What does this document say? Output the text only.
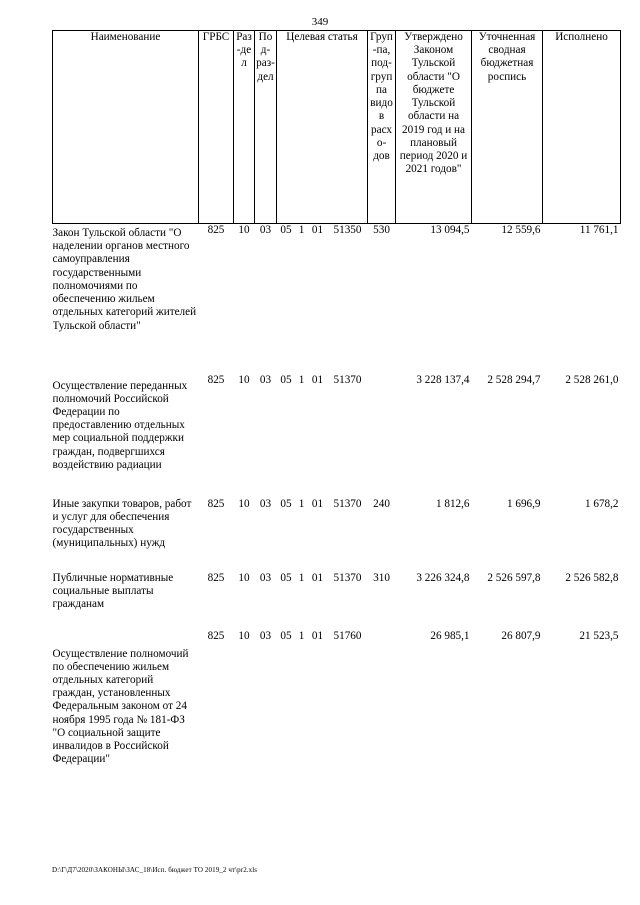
349
Наименование	ГРБС	Раз-дел	Под-раз-дел	Целевая статья				Груп-па, под-груп па видов расхо-дов	Утверждено Законом Тульской области "О бюджете Тульской области на 2019 год и на плановый период 2020 и 2021 годов"	Уточненная сводная бюджетная роспись	Исполнено
Закон Тульской области "О наделении органов местного самоуправления государственными полномочиями по обеспечению жильем отдельных категорий жителей Тульской области"	825	10	03	05	1	01	51350	530	13 094,5	12 559,6	11 761,1
Осуществление переданных полномочий Российской Федерации по предоставлению отдельных мер социальной поддержки граждан, подвергшихся воздействию радиации	825	10	03	05	1	01	51370		3 228 137,4	2 528 294,7	2 528 261,0
Иные закупки товаров, работ и услуг для обеспечения государственных (муниципальных) нужд	825	10	03	05	1	01	51370	240	1 812,6	1 696,9	1 678,2
Публичные нормативные социальные выплаты гражданам	825	10	03	05	1	01	51370	310	3 226 324,8	2 526 597,8	2 526 582,8
Осуществление полномочий по обеспечению жильем отдельных категорий граждан, установленных Федеральным законом от 24 ноября 1995 года № 181-ФЗ "О социальной защите инвалидов в Российской Федерации"	825	10	03	05	1	01	51760		26 985,1	26 807,9	21 523,5
D:\Г\Д7\2020\ЗАКОНЫ\ЗАС_18\Исп. бюджет ТО 2019_2 чт\pr2.xls
